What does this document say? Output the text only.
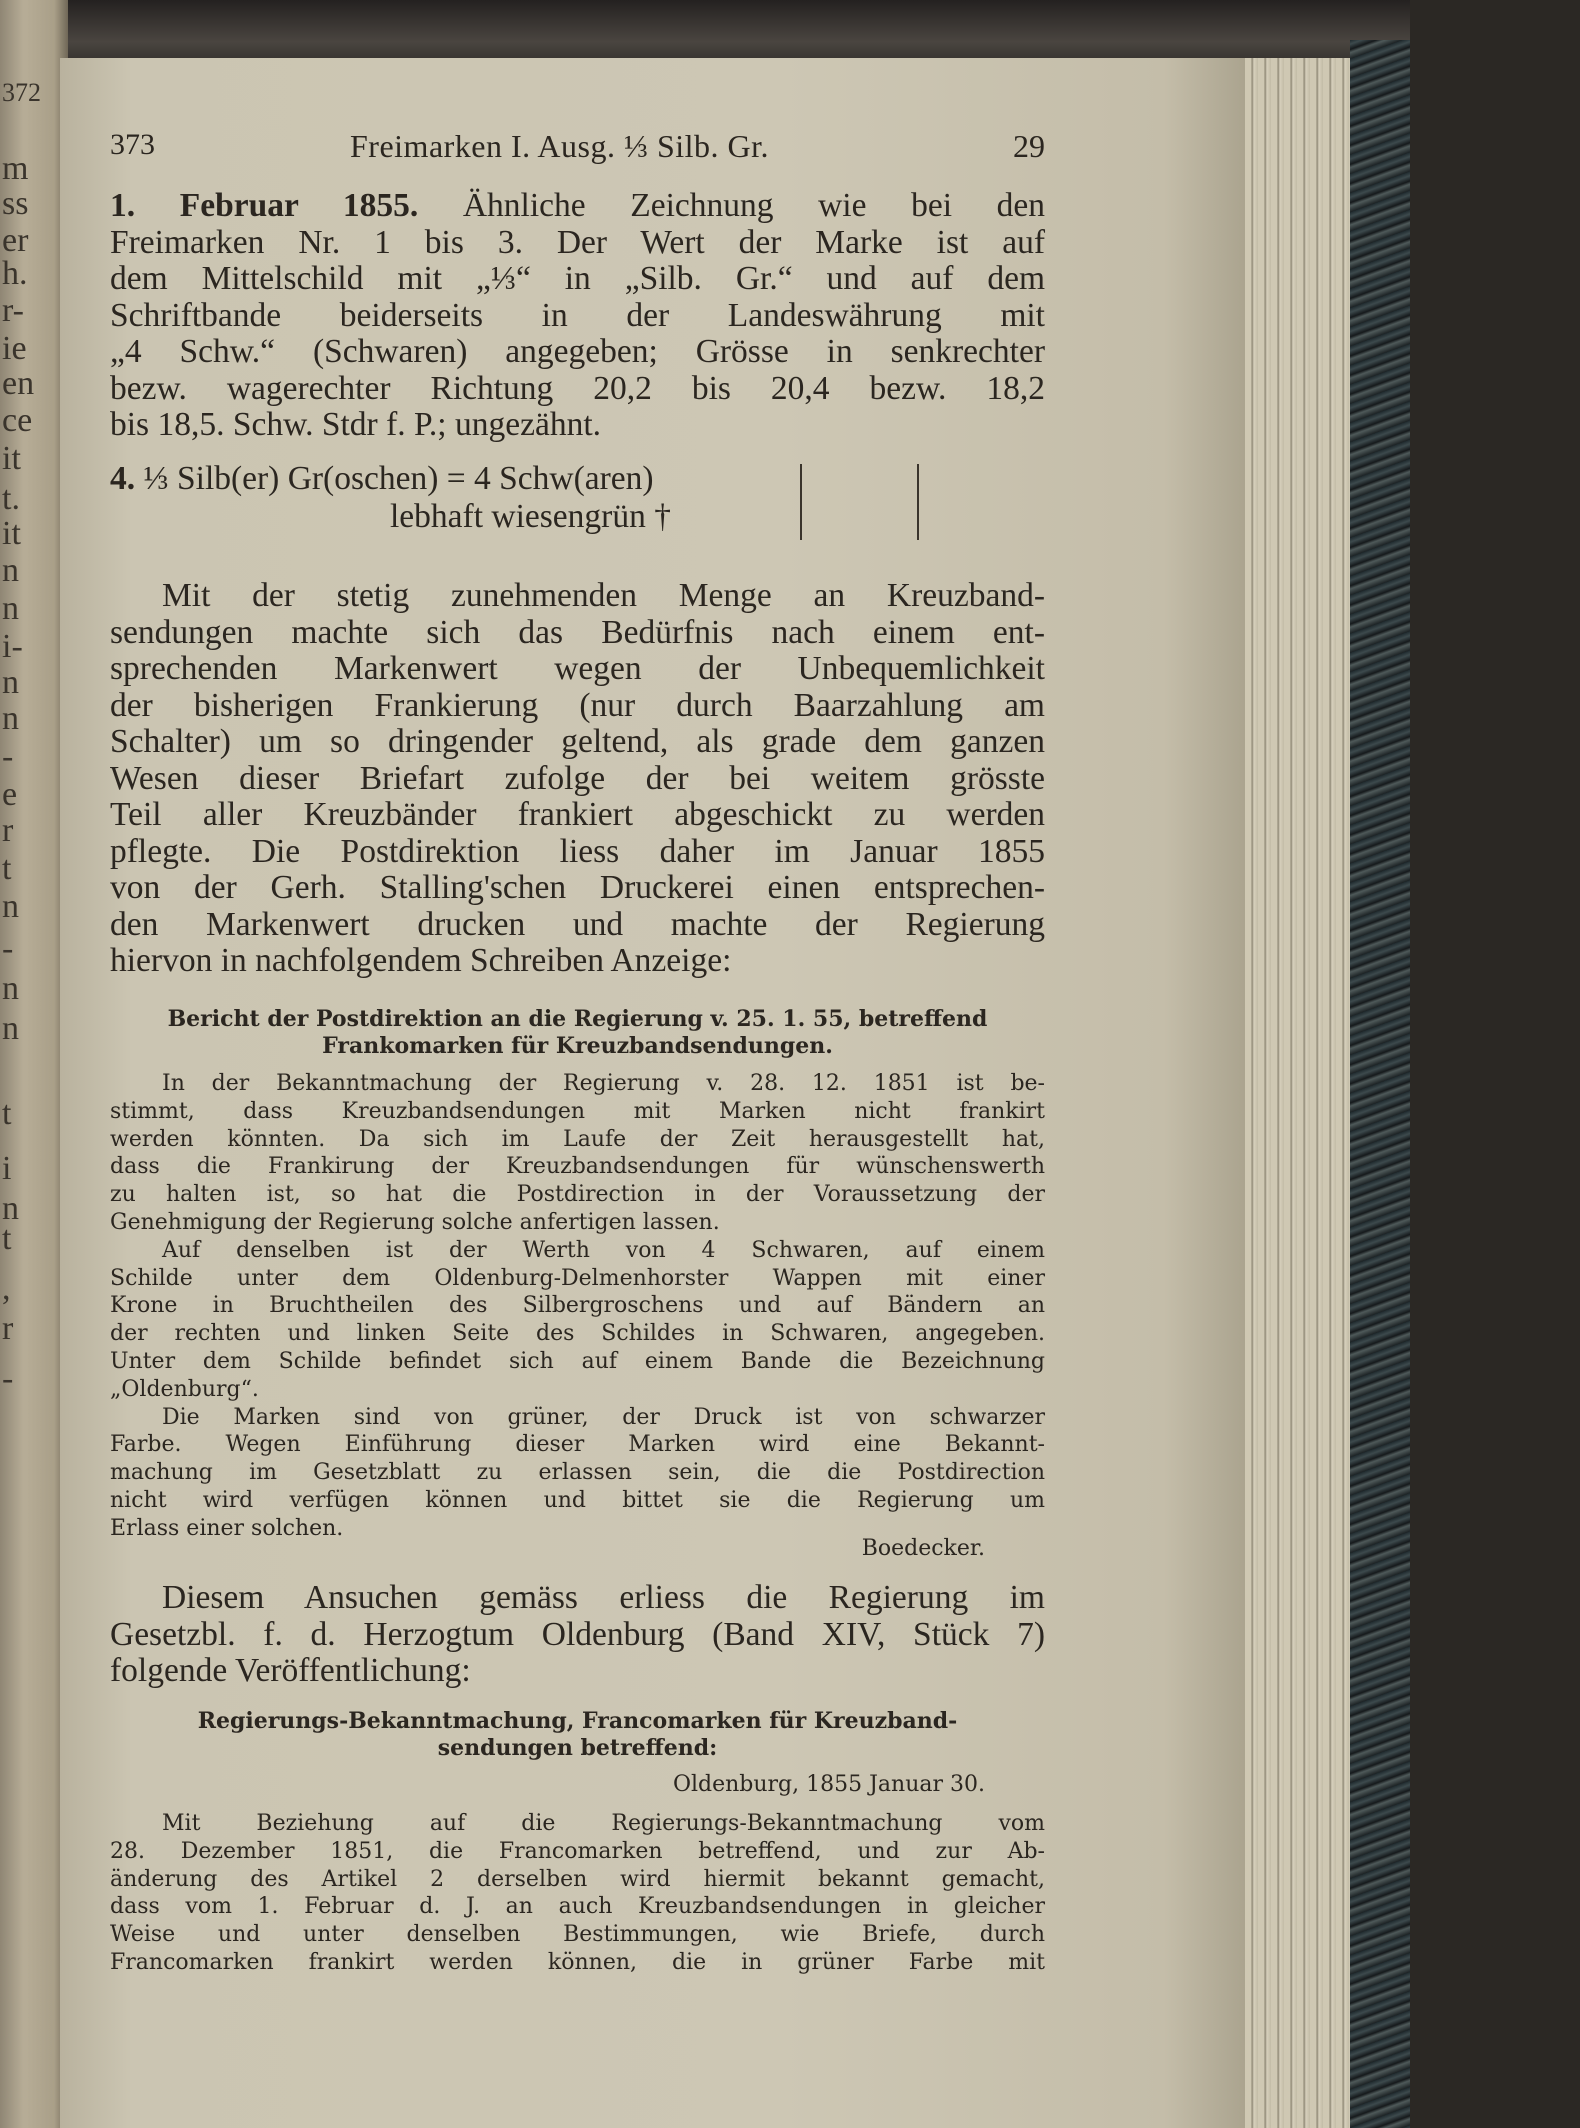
372
m
ss
er
h.
r-
ie
en
ce
it
t.
it
n
n
i-
n
n
-
e
r
t
n
-
n
n
t
i
n
t
,
r
-
373	Freimarken I. Ausg. ⅓ Silb. Gr.	29
1. Februar 1855. Ähnliche Zeichnung wie bei den
Freimarken Nr. 1 bis 3. Der Wert der Marke ist auf
dem Mittelschild mit „⅓“ in „Silb. Gr.“ und auf dem
Schriftbande beiderseits in der Landeswährung mit
„4 Schw.“ (Schwaren) angegeben; Grösse in senkrechter
bezw. wagerechter Richtung 20,2 bis 20,4 bezw. 18,2
bis 18,5. Schw. Stdr f. P.; ungezähnt.
4. ⅓ Silb(er) Gr(oschen) = 4 Schw(aren)
lebhaft wiesengrün †
Mit der stetig zunehmenden Menge an Kreuzband-
sendungen machte sich das Bedürfnis nach einem ent-
sprechenden Markenwert wegen der Unbequemlichkeit
der bisherigen Frankierung (nur durch Baarzahlung am
Schalter) um so dringender geltend, als grade dem ganzen
Wesen dieser Briefart zufolge der bei weitem grösste
Teil aller Kreuzbänder frankiert abgeschickt zu werden
pflegte. Die Postdirektion liess daher im Januar 1855
von der Gerh. Stalling'schen Druckerei einen entsprechen-
den Markenwert drucken und machte der Regierung
hiervon in nachfolgendem Schreiben Anzeige:
Bericht der Postdirektion an die Regierung v. 25. 1. 55, betreffend
Frankomarken für Kreuzbandsendungen.
In der Bekanntmachung der Regierung v. 28. 12. 1851 ist be-
stimmt, dass Kreuzbandsendungen mit Marken nicht frankirt
werden könnten. Da sich im Laufe der Zeit herausgestellt hat,
dass die Frankirung der Kreuzbandsendungen für wünschenswerth
zu halten ist, so hat die Postdirection in der Voraussetzung der
Genehmigung der Regierung solche anfertigen lassen.
Auf denselben ist der Werth von 4 Schwaren, auf einem
Schilde unter dem Oldenburg-Delmenhorster Wappen mit einer
Krone in Bruchtheilen des Silbergroschens und auf Bändern an
der rechten und linken Seite des Schildes in Schwaren, angegeben.
Unter dem Schilde befindet sich auf einem Bande die Bezeichnung
„Oldenburg“.
Die Marken sind von grüner, der Druck ist von schwarzer
Farbe. Wegen Einführung dieser Marken wird eine Bekannt-
machung im Gesetzblatt zu erlassen sein, die die Postdirection
nicht wird verfügen können und bittet sie die Regierung um
Erlass einer solchen.
Boedecker.
Diesem Ansuchen gemäss erliess die Regierung im
Gesetzbl. f. d. Herzogtum Oldenburg (Band XIV, Stück 7)
folgende Veröffentlichung:
Regierungs-Bekanntmachung, Francomarken für Kreuzband-
sendungen betreffend:
Oldenburg, 1855 Januar 30.
Mit Beziehung auf die Regierungs-Bekanntmachung vom
28. Dezember 1851, die Francomarken betreffend, und zur Ab-
änderung des Artikel 2 derselben wird hiermit bekannt gemacht,
dass vom 1. Februar d. J. an auch Kreuzbandsendungen in gleicher
Weise und unter denselben Bestimmungen, wie Briefe, durch
Francomarken frankirt werden können, die in grüner Farbe mit
